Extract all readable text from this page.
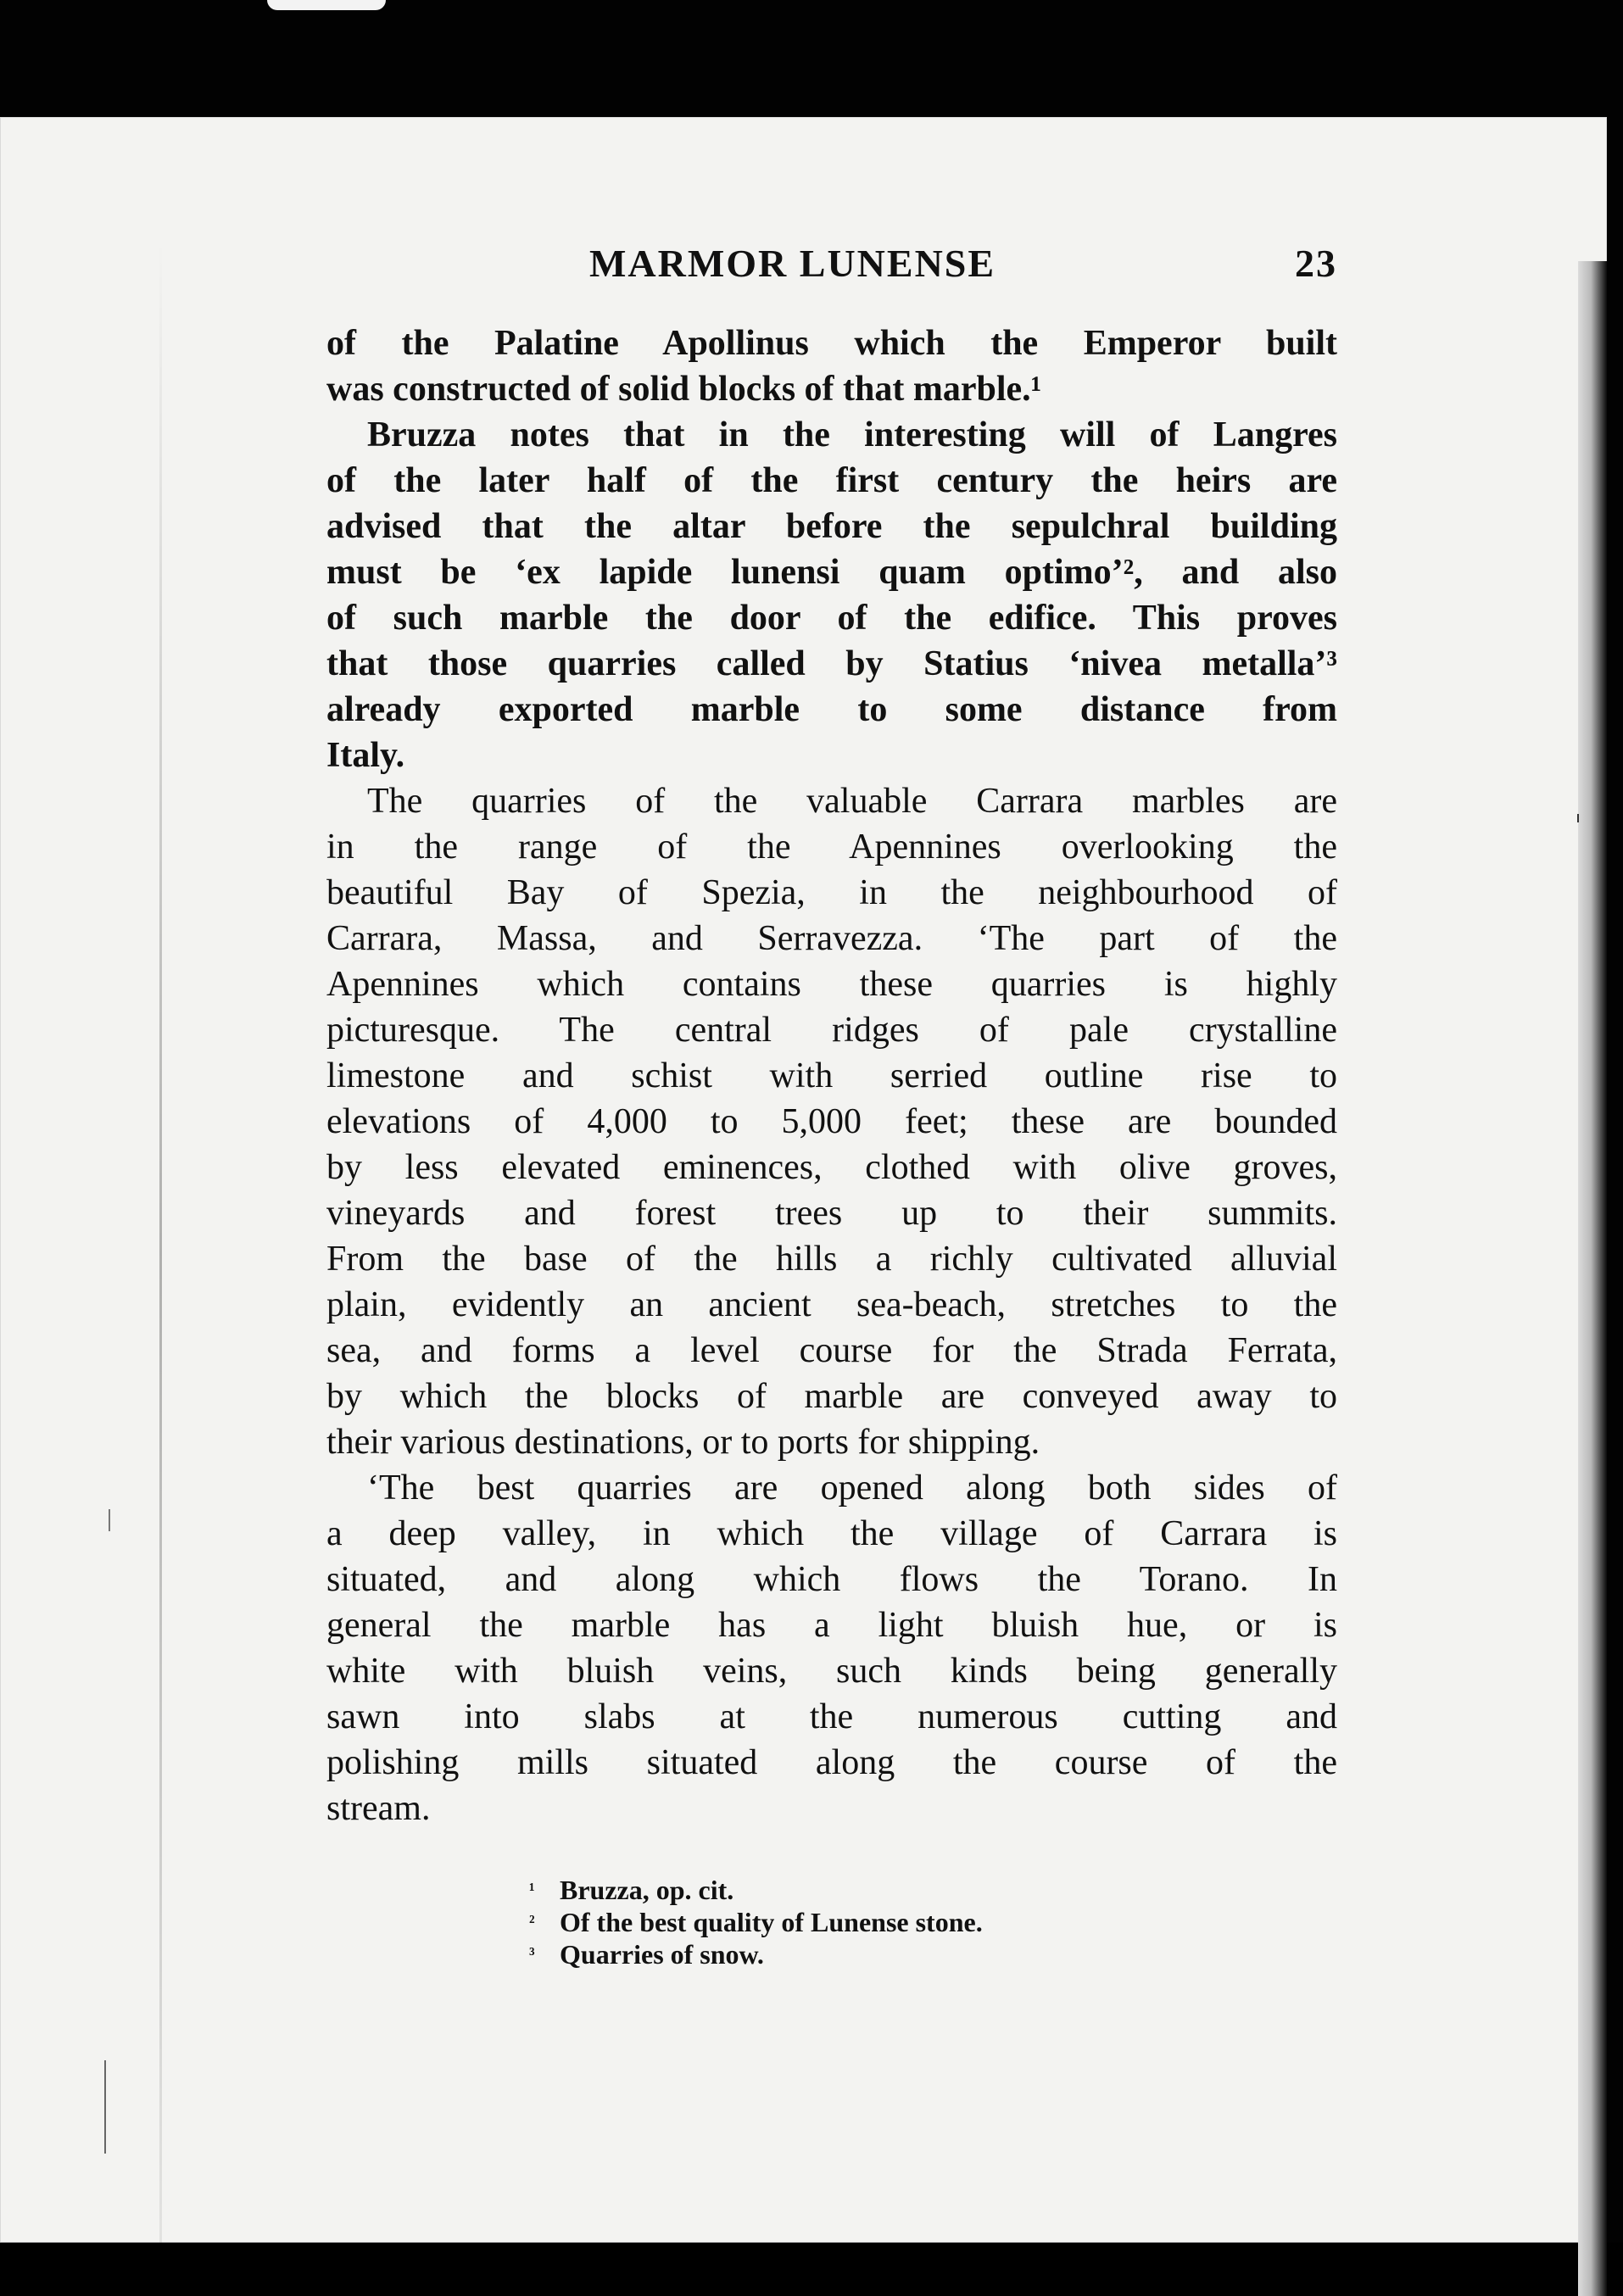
MARMOR LUNENSE	23
of the Palatine Apollinus which the Emperor built
was constructed of solid blocks of that marble.¹
Bruzza notes that in the interesting will of Langres
of the later half of the first century the heirs are
advised that the altar before the sepulchral building
must be ‘ex lapide lunensi quam optimo’², and also
of such marble the door of the edifice. This proves
that those quarries called by Statius ‘nivea metalla’³
already exported marble to some distance from
Italy.
The quarries of the valuable Carrara marbles are
in the range of the Apennines overlooking the
beautiful Bay of Spezia, in the neighbourhood of
Carrara, Massa, and Serravezza. ‘The part of the
Apennines which contains these quarries is highly
picturesque. The central ridges of pale crystalline
limestone and schist with serried outline rise to
elevations of 4,000 to 5,000 feet; these are bounded
by less elevated eminences, clothed with olive groves,
vineyards and forest trees up to their summits.
From the base of the hills a richly cultivated alluvial
plain, evidently an ancient sea-beach, stretches to the
sea, and forms a level course for the Strada Ferrata,
by which the blocks of marble are conveyed away to
their various destinations, or to ports for shipping.
‘The best quarries are opened along both sides of
a deep valley, in which the village of Carrara is
situated, and along which flows the Torano. In
general the marble has a light bluish hue, or is
white with bluish veins, such kinds being generally
sawn into slabs at the numerous cutting and
polishing mills situated along the course of the
stream.
¹ Bruzza, op. cit.
² Of the best quality of Lunense stone.
³ Quarries of snow.
